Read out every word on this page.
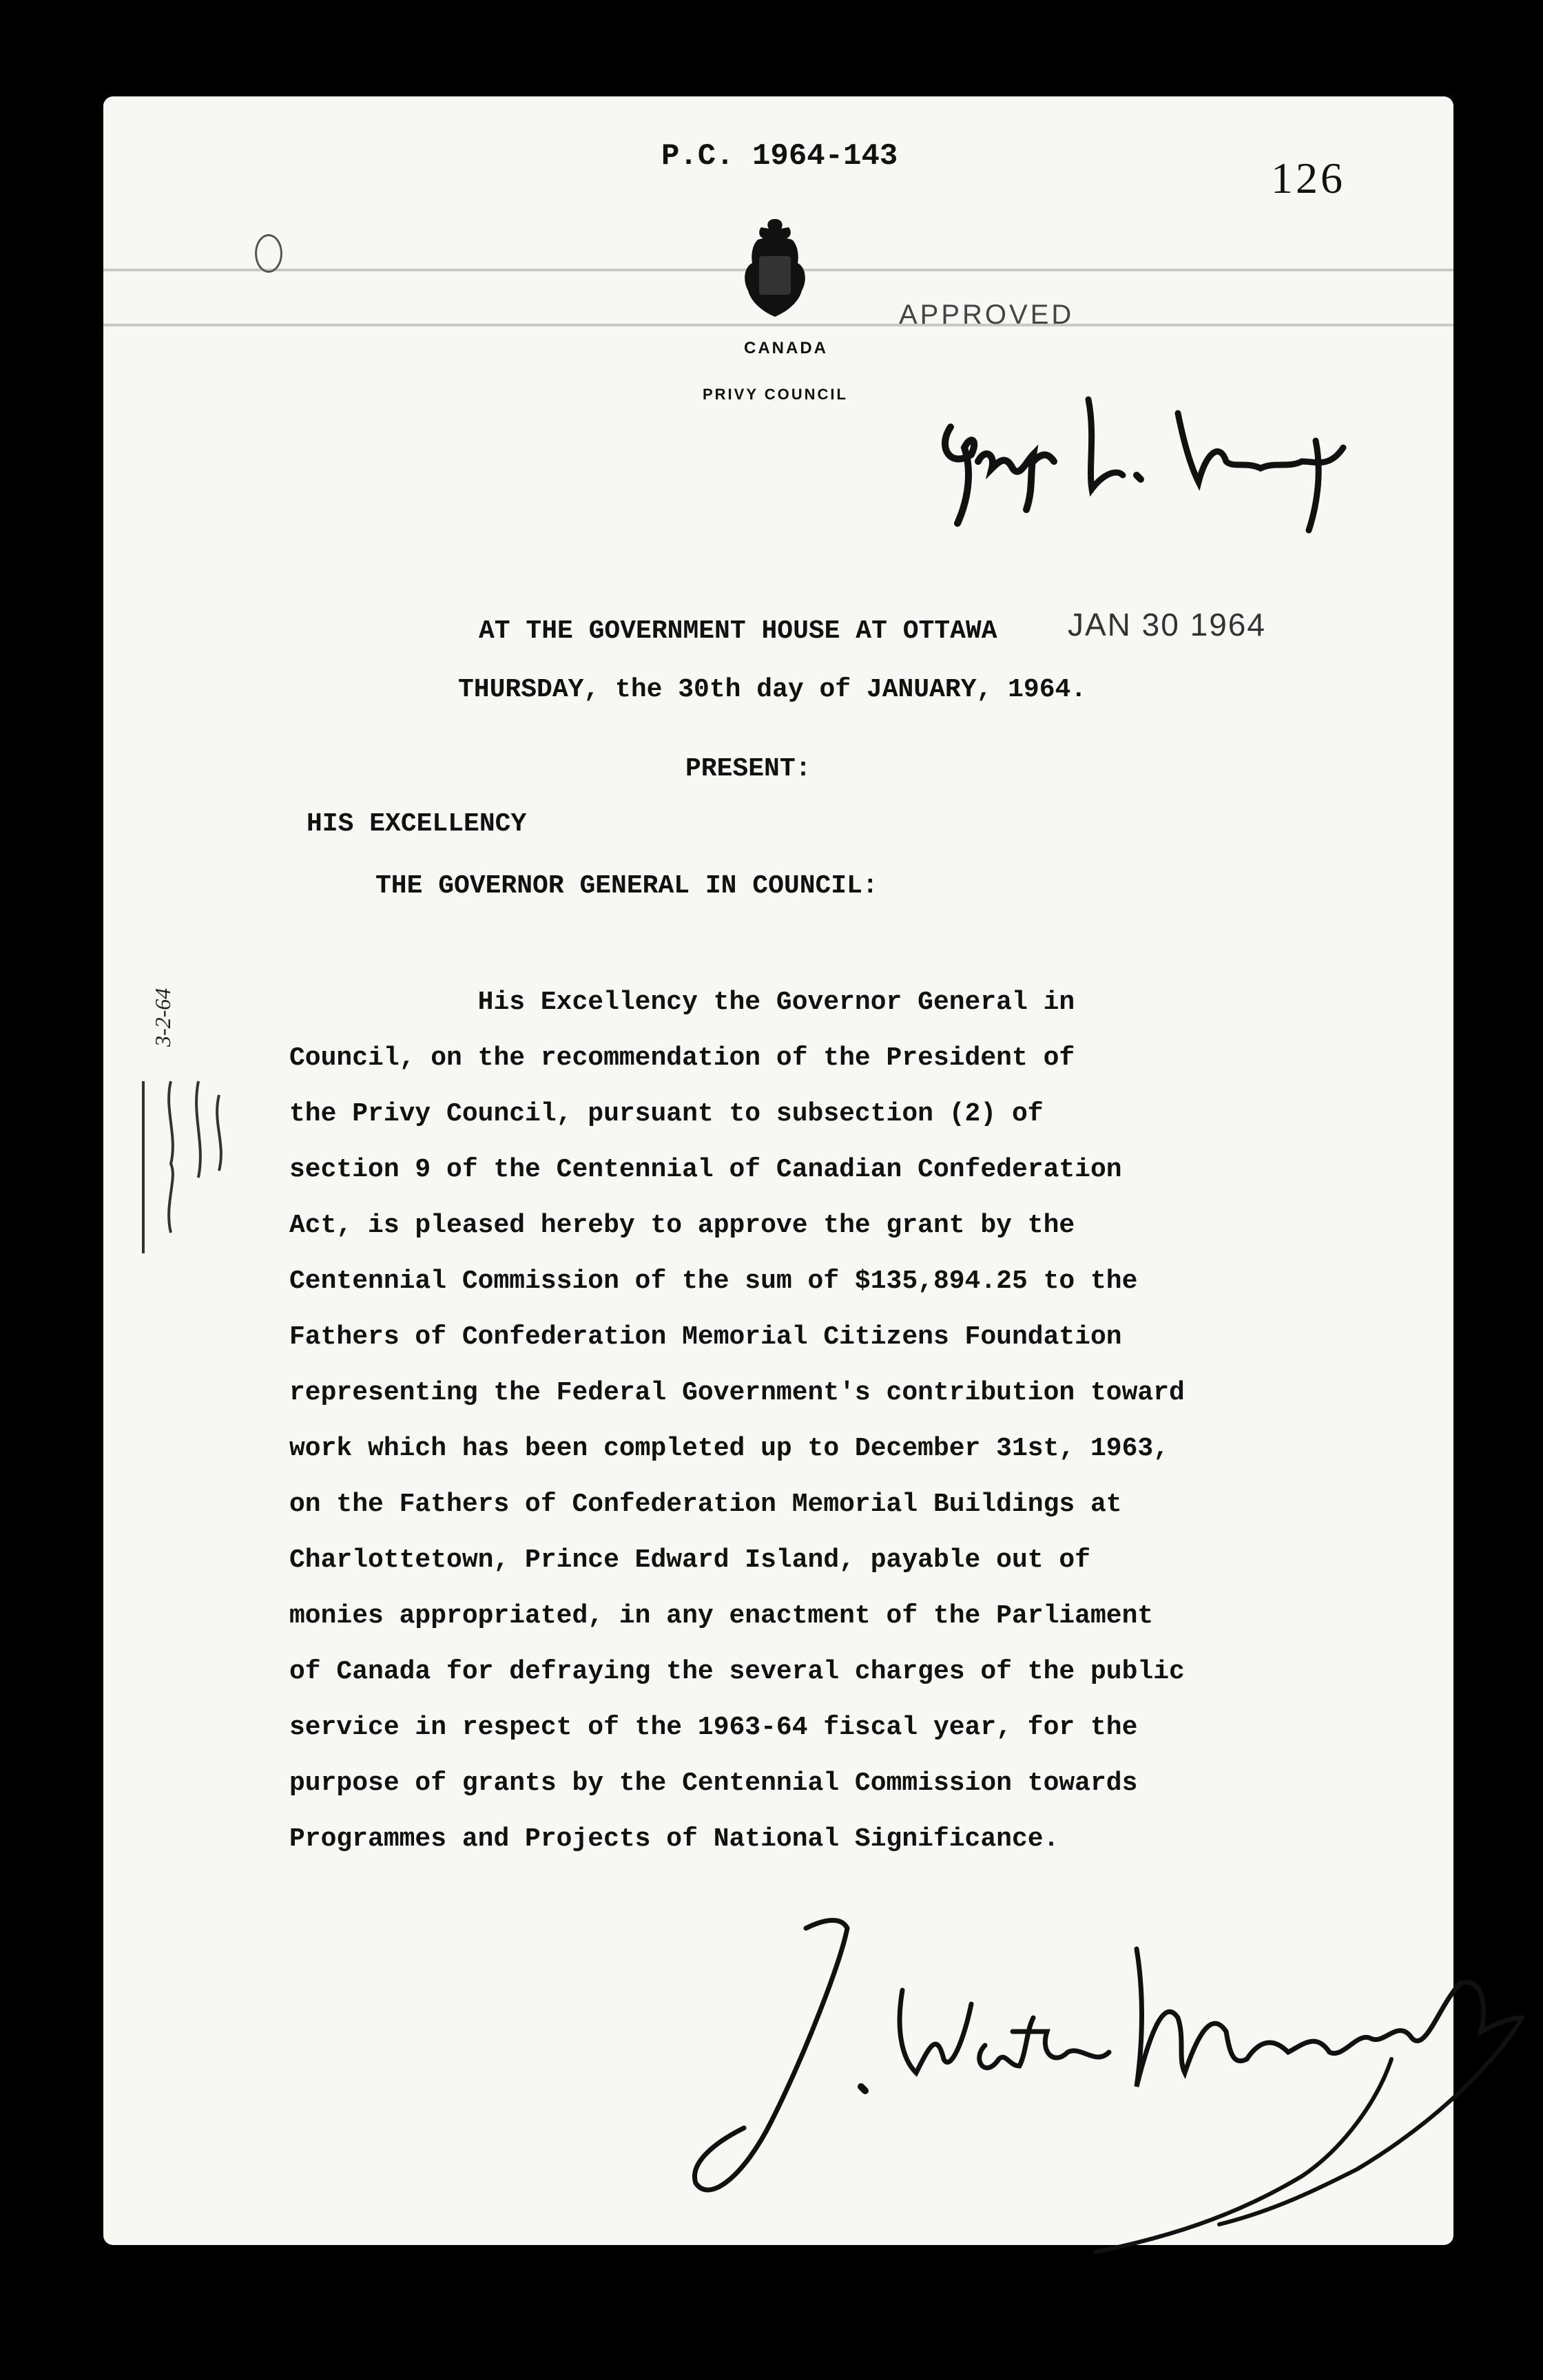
P.C. 1964-143	126
CANADA
PRIVY COUNCIL
APPROVED
AT THE GOVERNMENT HOUSE AT OTTAWA JAN 30 1964
THURSDAY, the 30th day of JANUARY, 1964.
PRESENT:
HIS EXCELLENCY
THE GOVERNOR GENERAL IN COUNCIL:
His Excellency the Governor General in
Council, on the recommendation of the President of
the Privy Council, pursuant to subsection (2) of
section 9 of the Centennial of Canadian Confederation
Act, is pleased hereby to approve the grant by the
Centennial Commission of the sum of $135,894.25 to the
Fathers of Confederation Memorial Citizens Foundation
representing the Federal Government's contribution toward
work which has been completed up to December 31st, 1963,
on the Fathers of Confederation Memorial Buildings at
Charlottetown, Prince Edward Island, payable out of
monies appropriated, in any enactment of the Parliament
of Canada for defraying the several charges of the public
service in respect of the 1963-64 fiscal year, for the
purpose of grants by the Centennial Commission towards
Programmes and Projects of National Significance.
3-2-64
